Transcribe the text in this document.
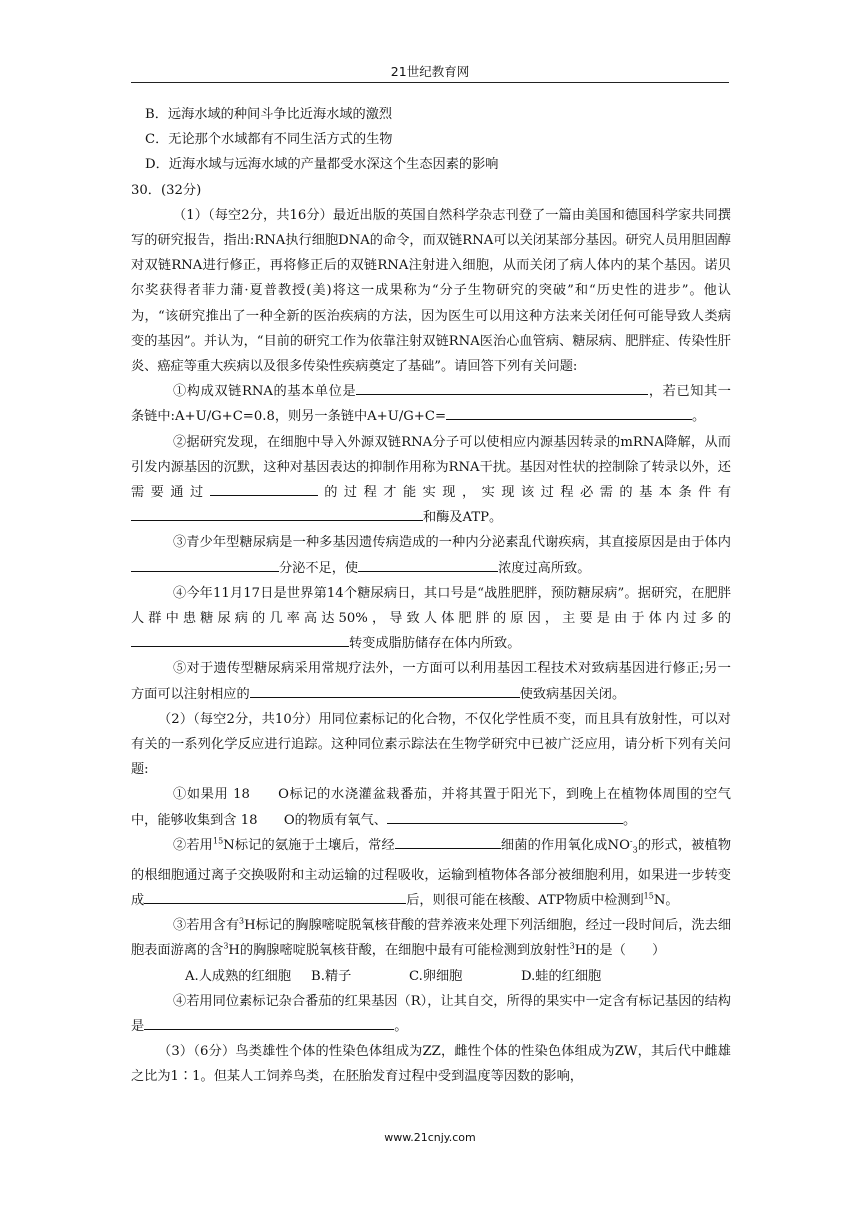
21世纪教育网

B．远海水域的种间斗争比近海水域的激烈

C．无论那个水域都有不同生活方式的生物

D．近海水域与远海水域的产量都受水深这个生态因素的影响

30．(32分)

（1）（每空2分，共16分）最近出版的英国自然科学杂志刊登了一篇由美国和德国科学家共同撰写的研究报告，指出:RNA执行细胞DNA的命令，而双链RNA可以关闭某部分基因。研究人员用胆固醇对双链RNA进行修正，再将修正后的双链RNA注射进入细胞，从而关闭了病人体内的某个基因。诺贝尔奖获得者菲力蒲·夏普教授(美)将这一成果称为“分子生物研究的突破”和“历史性的进步”。他认为，“该研究推出了一种全新的医治疾病的方法，因为医生可以用这种方法来关闭任何可能导致人类病变的基因”。并认为，“目前的研究工作为依靠注射双链RNA医治心血管病、糖尿病、肥胖症、传染性肝炎、癌症等重大疾病以及很多传染性疾病奠定了基础”。请回答下列有关问题:

①构成双链RNA的基本单位是	，若已知其一条链中:A+U/G+C=0.8，则另一条链中A+U/G+C=	。

②据研究发现，在细胞中导入外源双链RNA分子可以使相应内源基因转录的mRNA降解，从而引发内源基因的沉默，这种对基因表达的抑制作用称为RNA干扰。基因对性状的控制除了转录以外，还需要通过	的过程才能实现，实现该过程必需的基本条件有和酶及ATP。

③青少年型糖尿病是一种多基因遗传病造成的一种内分泌素乱代谢疾病，其直接原因是由于体内分泌不足，使	浓度过高所致。

④今年11月17日是世界第14个糖尿病日，其口号是“战胜肥胖，预防糖尿病”。据研究，在肥胖人群中患糖尿病的几率高达50%，导致人体肥胖的原因，主要是由于体内过多的转变成脂肪储存在体内所致。

⑤对于遗传型糖尿病采用常规疗法外，一方面可以利用基因工程技术对致病基因进行修正;另一方面可以注射相应的	使致病基因关闭。

（2）（每空2分，共10分）用同位素标记的化合物，不仅化学性质不变，而且具有放射性，可以对有关的一系列化学反应进行追踪。这种同位素示踪法在生物学研究中已被广泛应用，请分析下列有关问题:

①如果用 18　　O标记的水浇灌盆栽番茄，并将其置于阳光下，到晚上在植物体周围的空气中，能够收集到含 18　　O的物质有氧气、	。

②若用$^{15}$N标记的氨施于土壤后，常经	细菌的作用氧化成$NO^-_3$的形式，被植物的根细胞通过离子交换吸附和主动运输的过程吸收，运输到植物体各部分被细胞利用，如果进一步转变成	后，则很可能在核酸、ATP物质中检测到$^{15}$N。

③若用含有$^3$H标记的胸腺嘧啶脱氧核苷酸的营养液来处理下列活细胞，经过一段时间后，洗去细胞表面游离的含$^3$H的胸腺嘧啶脱氧核苷酸，在细胞中最有可能检测到放射性$^3$H的是（　　）

A.人成熟的红细胞 B.精子	C.卵细胞	D.蛙的红细胞

④若用同位素标记杂合番茄的红果基因（R），让其自交，所得的果实中一定含有标记基因的结构是	。

（3）（6分）鸟类雄性个体的性染色体组成为ZZ，雌性个体的性染色体组成为ZW，其后代中雌雄之比为1∶1。但某人工饲养鸟类，在胚胎发育过程中受到温度等因数的影响，

www.21cnjy.com
